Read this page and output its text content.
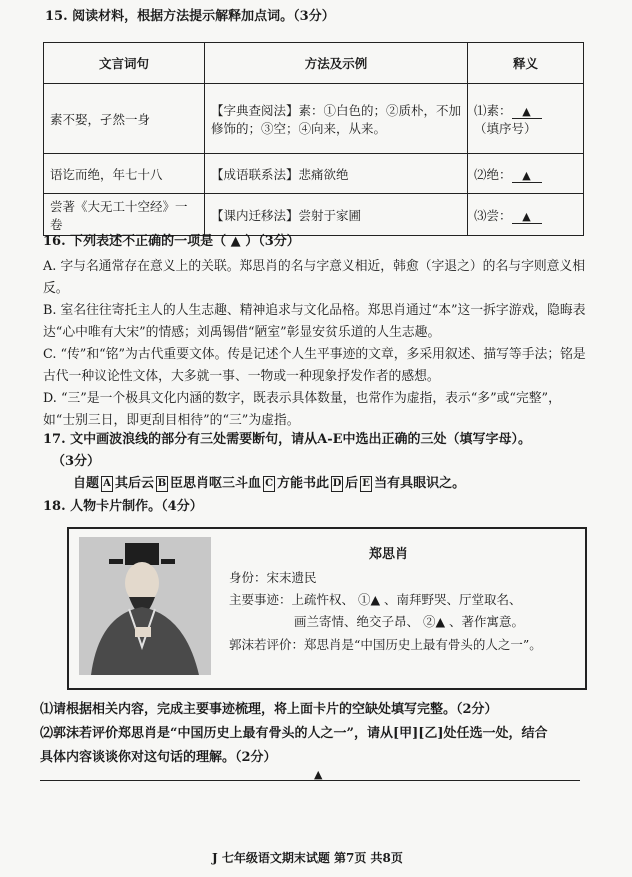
15. 阅读材料，根据方法提示解释加点词。（3分）
文言词句	方法及示例	释义
素不娶，孑然一身	【字典查阅法】素：①白色的；②质朴，不加修饰的；③空；④向来，从来。	⑴素： ▲
（填序号）
语讫而绝，年七十八	【成语联系法】悲痛欲绝	⑵绝： ▲
尝著《大无工十空经》一卷	【课内迁移法】尝射于家圃	⑶尝： ▲
16. 下列表述不正确的一项是（ ▲ ）（3分）
A. 字与名通常存在意义上的关联。郑思肖的名与字意义相近，韩愈（字退之）的名与字则意义相反。
B. 室名往往寄托主人的人生志趣、精神追求与文化品格。郑思肖通过“本”这一拆字游戏，隐晦表达“心中唯有大宋”的情感；刘禹锡借“陋室”彰显安贫乐道的人生志趣。
C. “传”和“铭”为古代重要文体。传是记述个人生平事迹的文章，多采用叙述、描写等手法；铭是古代一种议论性文体，大多就一事、一物或一种现象抒发作者的感想。
D. “三”是一个极具文化内涵的数字，既表示具体数量，也常作为虚指，表示“多”或“完整”，如“士别三日，即更刮目相待”的“三”为虚指。
17. 文中画波浪线的部分有三处需要断句，请从A-E中选出正确的三处（填写字母）。
（3分）
自题 A 其后云 B 臣思肖呕三斗血 C 方能书此 D 后 E 当有具眼识之。
18. 人物卡片制作。（4分）
郑思肖
身份：宋末遗民
主要事迹：上疏忤权、 ①▲ 、南拜野哭、厅堂取名、
画兰寄情、绝交子昂、 ②▲ 、著作寓意。
郭沫若评价：郑思肖是“中国历史上最有骨头的人之一”。
⑴请根据相关内容，完成主要事迹梳理，将上面卡片的空缺处填写完整。（2分）
⑵郭沫若评价郑思肖是“中国历史上最有骨头的人之一”，请从[甲][乙]处任选一处，结合
具体内容谈谈你对这句话的理解。（2分）
▲
J 七年级语文期末试题 第7页 共8页
